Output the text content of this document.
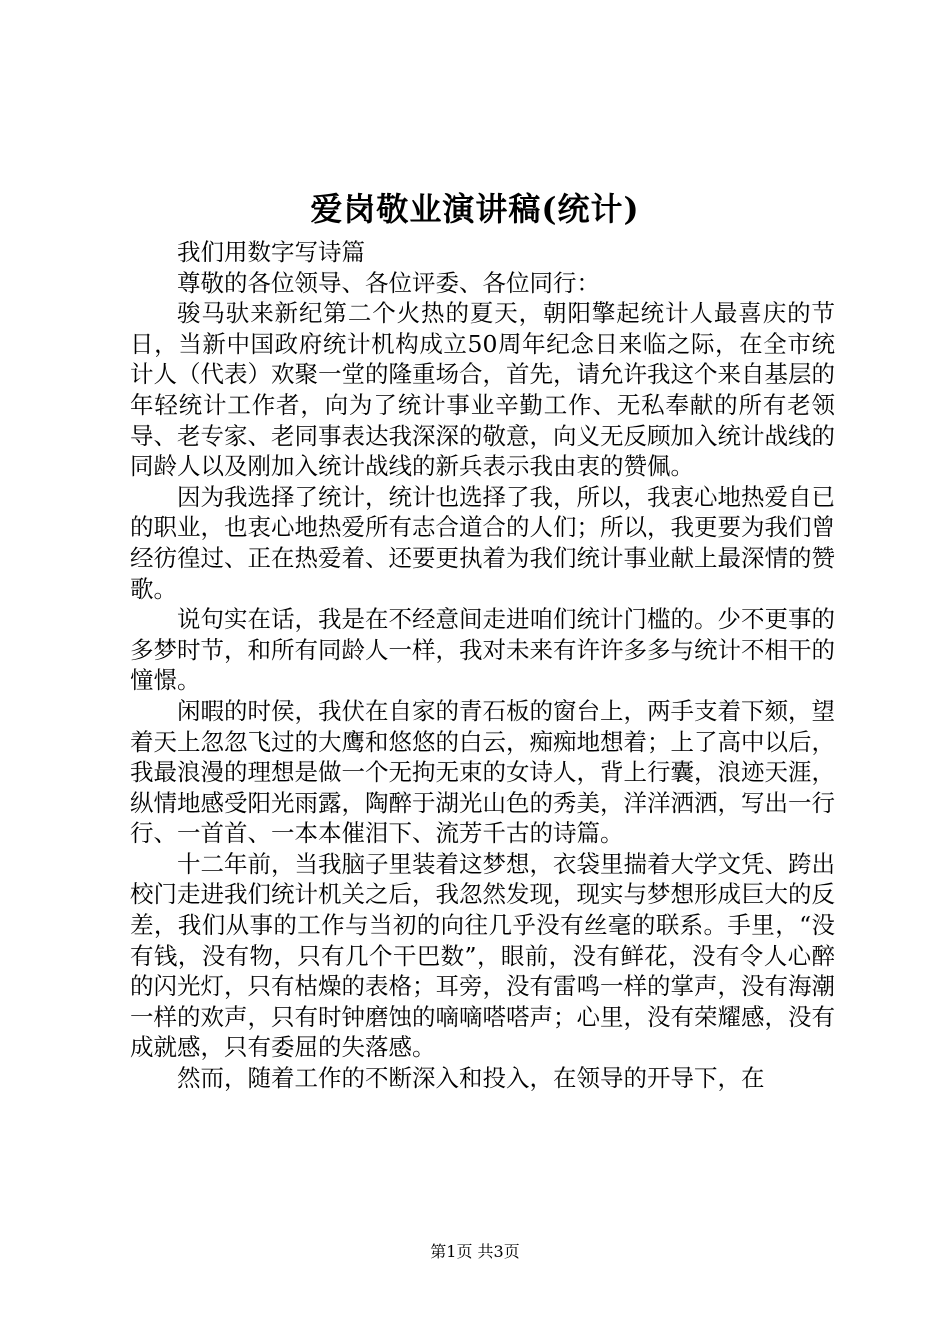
爱岗敬业演讲稿(统计)

我们用数字写诗篇

尊敬的各位领导、各位评委、各位同行：

骏马驮来新纪第二个火热的夏天，朝阳擎起统计人最喜庆的节日，当新中国政府统计机构成立50周年纪念日来临之际，在全市统计人（代表）欢聚一堂的隆重场合，首先，请允许我这个来自基层的年轻统计工作者，向为了统计事业辛勤工作、无私奉献的所有老领导、老专家、老同事表达我深深的敬意，向义无反顾加入统计战线的同龄人以及刚加入统计战线的新兵表示我由衷的赞佩。

因为我选择了统计，统计也选择了我，所以，我衷心地热爱自已的职业，也衷心地热爱所有志合道合的人们；所以，我更要为我们曾经彷徨过、正在热爱着、还要更执着为我们统计事业献上最深情的赞歌。

说句实在话，我是在不经意间走进咱们统计门槛的。少不更事的多梦时节，和所有同龄人一样，我对未来有许许多多与统计不相干的憧憬。

闲暇的时侯，我伏在自家的青石板的窗台上，两手支着下颏，望着天上忽忽飞过的大鹰和悠悠的白云，痴痴地想着；上了高中以后，我最浪漫的理想是做一个无拘无束的女诗人，背上行囊，浪迹天涯，纵情地感受阳光雨露，陶醉于湖光山色的秀美，洋洋洒洒，写出一行行、一首首、一本本催泪下、流芳千古的诗篇。

十二年前，当我脑子里装着这梦想，衣袋里揣着大学文凭、跨出校门走进我们统计机关之后，我忽然发现，现实与梦想形成巨大的反差，我们从事的工作与当初的向往几乎没有丝毫的联系。手里，“没有钱，没有物，只有几个干巴数”，眼前，没有鲜花，没有令人心醉的闪光灯，只有枯燥的表格；耳旁，没有雷鸣一样的掌声，没有海潮一样的欢声，只有时钟磨蚀的嘀嘀嗒嗒声；心里，没有荣耀感，没有成就感，只有委屈的失落感。

然而，随着工作的不断深入和投入，在领导的开导下，在

第1页 共3页
